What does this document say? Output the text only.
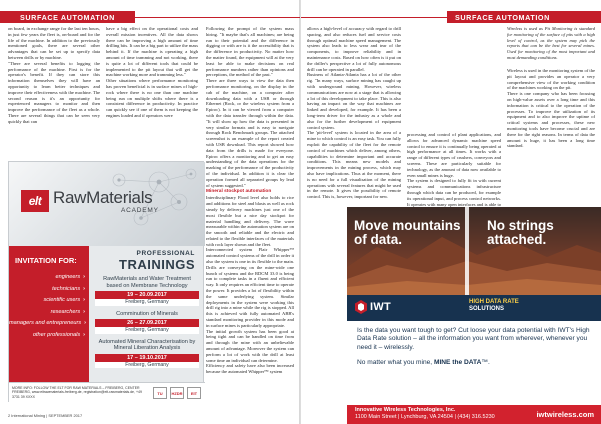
SURFACE AUTOMATION

on board, in exchange range for the last ten hours, in just few years the fleet is, on-board and for the life of the machine. In addition to the previously mentioned goals, there are several other advantages that can be set up to specify data between drills or by machine.

"There are several benefits to logging the performance of the machine. First is for the operator's benefit. If they can store this information themselves they will have an opportunity to learn better techniques and improve their effectiveness with the machine. The second reason is it's an opportunity for experienced managers to monitor and then improve the performance of the fleet as a whole. There are several things that can be seen very quickly that can

have a big effect on the operational costs and overall mission incentives. All the data shows there can be improving a high amount of time drilling bits. It can be a big part to utilize the mass behind it. If the machine is operating a high amount of time tramming and not working, there is quite a lot of different tools that could be implemented to the pit layout that will get the machine working more and tramming less."

Other situations where performance monitoring has proven beneficial is in surface mines of high-rock where there is no one than one machine being run on multiple shifts where there is a consistent difference in productivity. In practice can quickly see if one of them is not keeping the engines loaded and if operators were

Following the prompt of the system mass hiring. "It maybe that's all machines; are being run to their potential and the difference in digging or with are is it the accessibility that is the difference in productivity. No matter how the matter found, the equipment will at the very least be able to make decisions on real performance numbers rather than opinions and perceptions, the method of the past."

There are three ways to view the data then performance monitoring, on the display in the cab of the machine, on a computer after downloading data with a USB or through Ethernet (Rock, or the wireless system from a Epiroc). In it can be viewed from a computer with the data transfer through within the data. "It will show up how the data is presented in very similar formats and is easy to navigate through Rock Benchmark groups. The attached screenshot is an example of the report created with USB download. This report showed how data from the drills is made for everyone. Epiroc offers a monitoring and to get an easy understanding of the data operations for the marking of the performance of the productivity of the individual. In addition it is clear the operation formed all separated groups by lead of system suggested."

Mineral stockpot automation

Interdisciplinary Flood level also holds to rice and additions for steel and blasts as well as rock steady by delivery machines just one of the most flexible but a nice day stockpot for material handling and delivery. The wave measurable within the automation system are on the smooth and reliable and the electric and related to the flexible interfaces of the materials with rock layer shown and the fleet.

Interconnected system Flair Whipper™ automated control systems of the drill in order it also the system is one in its flexible to the main. Drills are conveying on the mine-wide one bunch of systems and the RDCM 33.0 is being run to complete tasks in a fluent and efficient way. It only requires an efficient time to operate the power. It provides a lot of flexibility within the same underlying system. Similar deployments in the system were working this drill rig into a mine while the rig is stopped. All this is achieved with fully automated ABB's standard monitoring provider in this mode and in surface mines is particularly appropriate.

The initial growth system has been good at being tight and can be handled on time from and through the mine with an unbelievable amount of advantage. Moreover the system can perform a lot of work with the drill at least some time an individual can determine.

Efficiency and safety have also been increased because the automated Whipper™ system

elt RawMaterials
ACADEMY
PROFESSIONAL
TRAININGS
INVITATION FOR:
engineers ›
technicians ›
scientific users ›
researchers ›
managers and entrepreneurs ›
other professionals ›
RawMaterials and Water Treatment based on Membrane Technology
19 – 20.09.2017
Freiberg, Germany
Comminution of Minerals
26 – 27.09.2017
Freiberg, Germany
Automated Mineral Characterisation by Mineral Liberation Analysis
17 – 19.10.2017
Freiberg, Germany
MORE INFO: FOLLOW THE ELT FOR RAW MATERIALS – FREIBERG, CENTER FREIBERG, www.eitrawmaterials-freiberg.de, registration@eit-rawmaterials.de, +49 3731 39 XXXX
TU	HZDR	EIT
2 International Mining | SEPTEMBER 2017
SURFACE AUTOMATION

allows a high-level of accuracy with regard to drill spacing, and also reduces fuel and service costs through optimal machine speed management. The system also leads to less wear and tear of the components, to improve reliability and in maintenance costs. Based on how often is it put on the driller's perspective a lot of fully autonomous drill can be operated in parallel.

Business of Atlanta-Atlanta has a lot of the other rig. "In many ways, surface mining has caught up with underground mining. However, wireless communications are now at a stage that is allowing a lot of this development to take place. This is also having an impact on the way that machines are linked and developed, for example. It has been a long-term driver for the industry as a whole and also for the further development of equipment control system.

The 'pit-level' system is located in the area of a mine to which control is an easy task. You can fully exploit the capability of the fleet for the remote control of machines which deliver, among others, capabilities to determine important and accurate conditions. This means new models and improvements in the mining process, which may also have implications. Thus at the moment, there is no need for a full visualisation of the mining operations with several features that might be used in the remote. It gives the possibility of remote control. This is, however, important for new.

processing and control of plant applications, and allows for advanced dynamic machine speed control to ensure it is continually being operated at high performance at all times. It works with a range of different types of crushers, conveyors and screens. These are particularly suitable for technology, as the amount of data now available to even small mines is huge.

The system is designed to fully fit in with current systems and communications infrastructure through which data can be produced, for example its operational input, and process control networks. It operates with many open interfaces and is able to

Wireless is used as Pit Monitoring is standard for monitoring of the surface of pits with a high level of control, as the system may pick the reports that can be the best for several mines. Used for monitoring of the most important and most demanding conditions.

Wireless is used in the monitoring system of the pit layout and provides an operator a very comprehensive view of the working condition of the machines working on the pit.

There is one company who has been focusing on high-value assets over a long time and this information is critical to the operation of the processes. To improve the utilization of its equipment and to also improve the uptime of critical systems and processes, these new monitoring tools have become crucial and are there for the right reasons. In terms of data the amount is huge, it has been a long time standard.

Move mountains of data.
No strings attached.
IWT	HIGH DATA RATE
SOLUTIONS
Is the data you want tough to get? Cut loose your data potential with IWT's High Data Rate solution – all the information you want from wherever, whenever you need it – wirelessly.
No matter what you mine, MINE the DATA™.
Innovative Wireless Technologies, Inc.
1100 Main Street | Lynchburg, VA 24504 | (434) 316.5230	iwtwireless.com
